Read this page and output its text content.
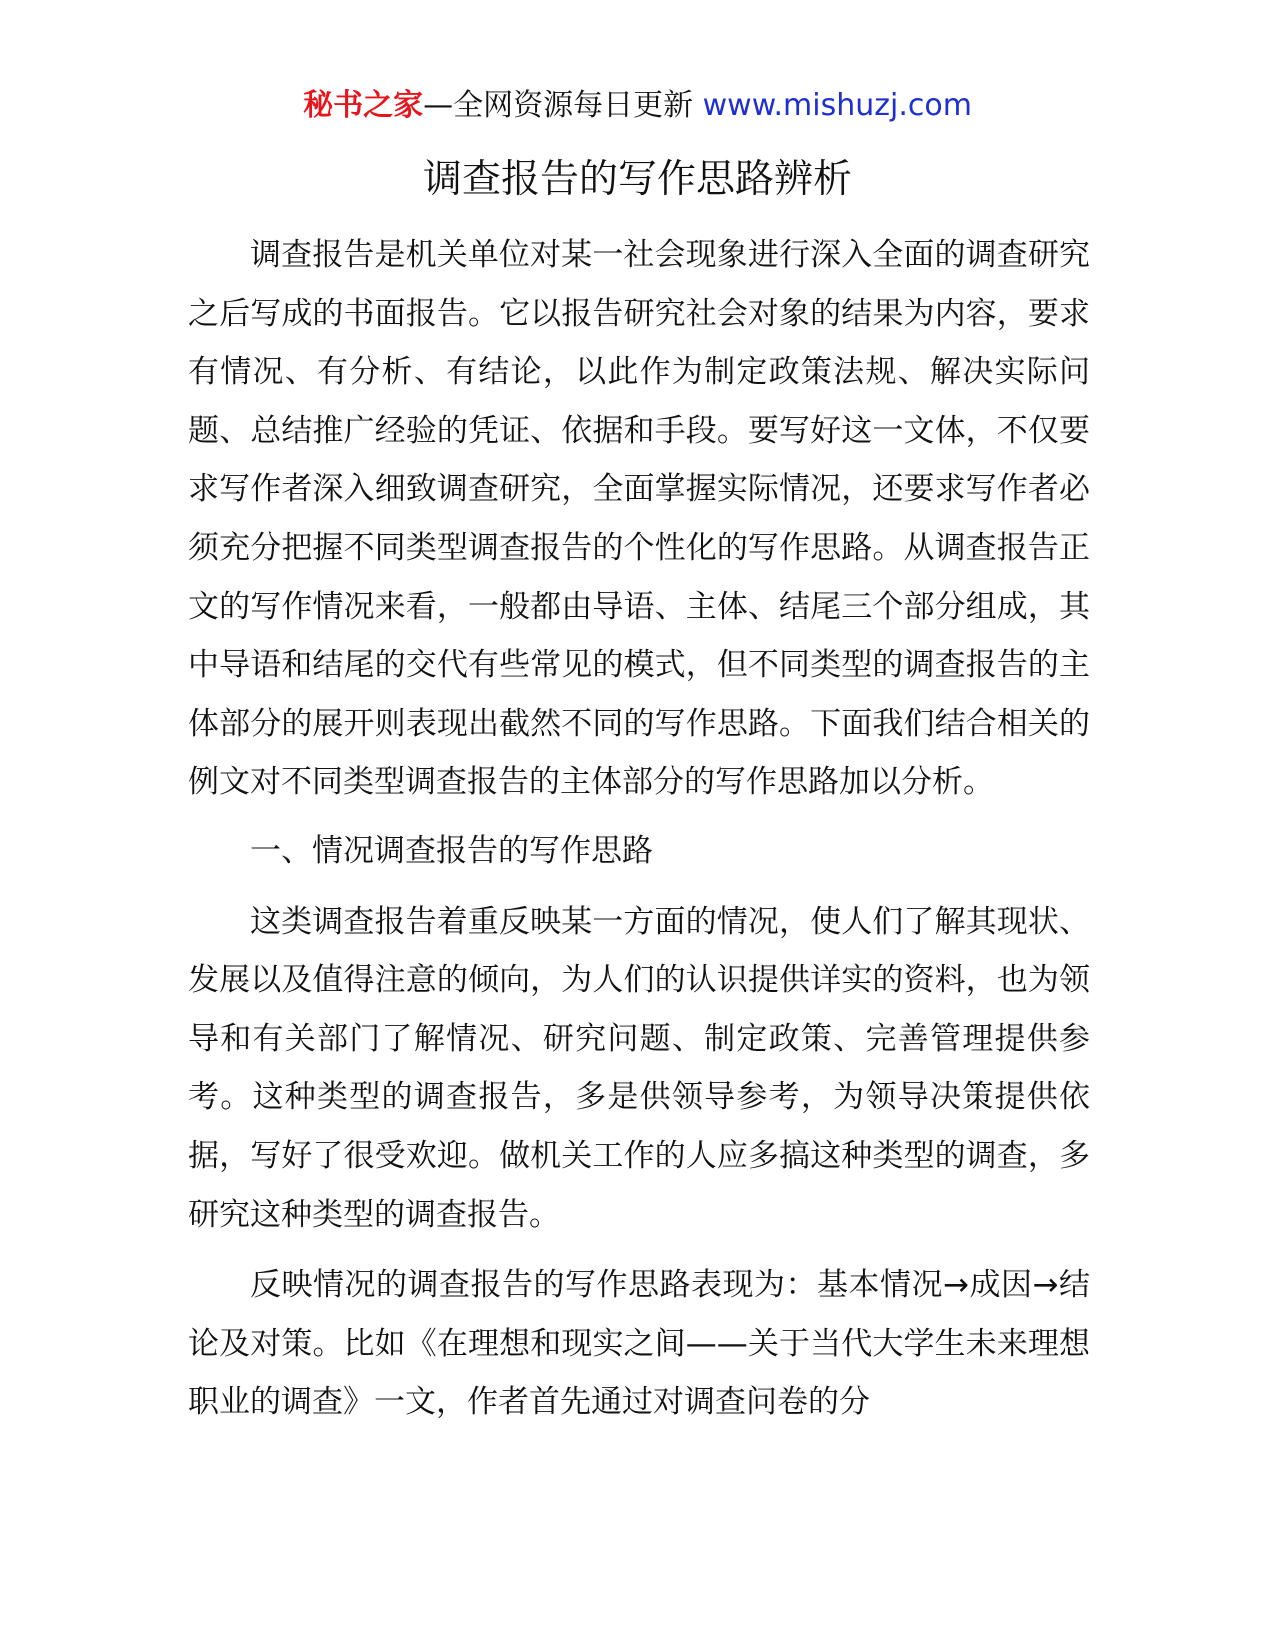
秘书之家—全网资源每日更新 www.mishuzj.com
调查报告的写作思路辨析

调查报告是机关单位对某一社会现象进行深入全面的调查研究之后写成的书面报告。它以报告研究社会对象的结果为内容，要求有情况、有分析、有结论，以此作为制定政策法规、解决实际问题、总结推广经验的凭证、依据和手段。要写好这一文体，不仅要求写作者深入细致调查研究，全面掌握实际情况，还要求写作者必须充分把握不同类型调查报告的个性化的写作思路。从调查报告正文的写作情况来看，一般都由导语、主体、结尾三个部分组成，其中导语和结尾的交代有些常见的模式，但不同类型的调查报告的主体部分的展开则表现出截然不同的写作思路。下面我们结合相关的例文对不同类型调查报告的主体部分的写作思路加以分析。

一、情况调查报告的写作思路

这类调查报告着重反映某一方面的情况，使人们了解其现状、发展以及值得注意的倾向，为人们的认识提供详实的资料，也为领导和有关部门了解情况、研究问题、制定政策、完善管理提供参考。这种类型的调查报告，多是供领导参考，为领导决策提供依据，写好了很受欢迎。做机关工作的人应多搞这种类型的调查，多研究这种类型的调查报告。

反映情况的调查报告的写作思路表现为：基本情况→成因→结论及对策。比如《在理想和现实之间——关于当代大学生未来理想职业的调查》一文，作者首先通过对调查问卷的分
